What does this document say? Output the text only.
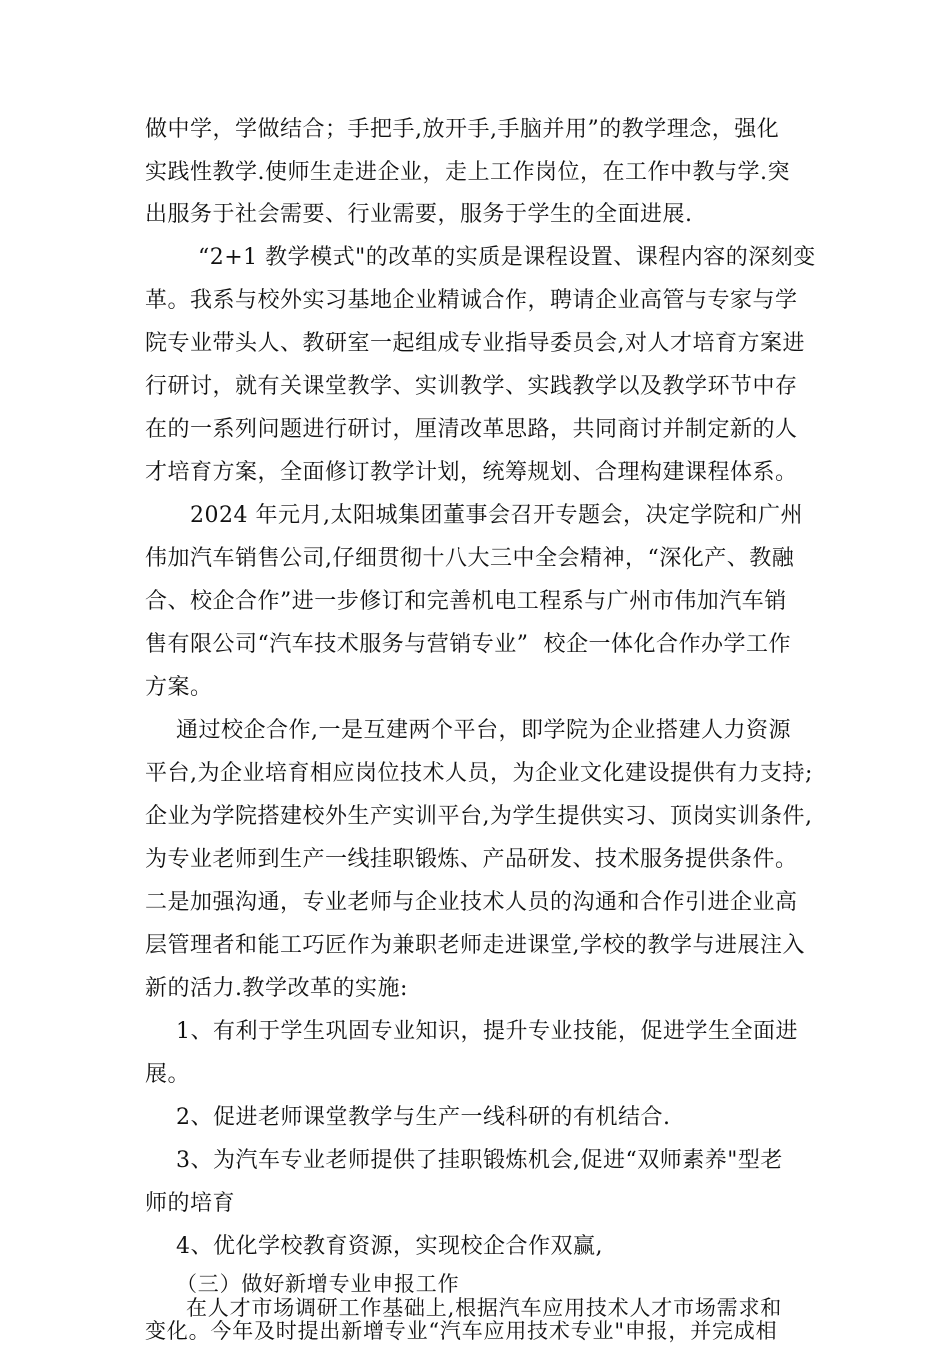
做中学，学做结合；手把手,放开手,手脑并用”的教学理念，强化
实践性教学.使师生走进企业，走上工作岗位，在工作中教与学.突
出服务于社会需要、行业需要，服务于学生的全面进展.
“2+1 教学模式"的改革的实质是课程设置、课程内容的深刻变
革。我系与校外实习基地企业精诚合作，聘请企业高管与专家与学
院专业带头人、教研室一起组成专业指导委员会,对人才培育方案进
行研讨，就有关课堂教学、实训教学、实践教学以及教学环节中存
在的一系列问题进行研讨，厘清改革思路，共同商讨并制定新的人
才培育方案，全面修订教学计划，统筹规划、合理构建课程体系。
2024 年元月,太阳城集团董事会召开专题会，决定学院和广州
伟加汽车销售公司,仔细贯彻十八大三中全会精神，“深化产、教融
合、校企合作”进一步修订和完善机电工程系与广州市伟加汽车销
售有限公司“汽车技术服务与营销专业”  校企一体化合作办学工作
方案。
通过校企合作,一是互建两个平台，即学院为企业搭建人力资源
平台,为企业培育相应岗位技术人员，为企业文化建设提供有力支持;
企业为学院搭建校外生产实训平台,为学生提供实习、顶岗实训条件,
为专业老师到生产一线挂职锻炼、产品研发、技术服务提供条件。
二是加强沟通，专业老师与企业技术人员的沟通和合作引进企业高
层管理者和能工巧匠作为兼职老师走进课堂,学校的教学与进展注入
新的活力.教学改革的实施:
1、有利于学生巩固专业知识，提升专业技能，促进学生全面进
展。
2、促进老师课堂教学与生产一线科研的有机结合.
3、为汽车专业老师提供了挂职锻炼机会,促进“双师素养"型老
师的培育
4、优化学校教育资源，实现校企合作双赢,
（三）做好新增专业申报工作
在人才市场调研工作基础上,根据汽车应用技术人才市场需求和
变化。今年及时提出新增专业“汽车应用技术专业"申报，并完成相
